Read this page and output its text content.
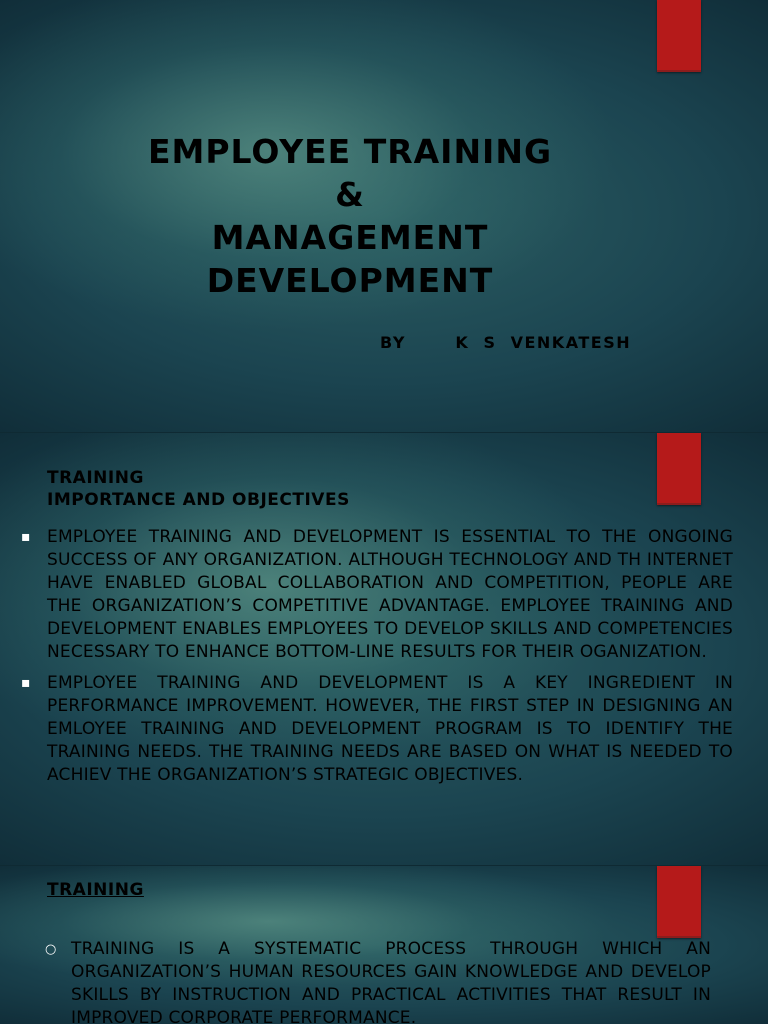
EMPLOYEE TRAINING
&
MANAGEMENT
DEVELOPMENT
BY       K  S  VENKATESH
TRAINING
IMPORTANCE AND OBJECTIVES
▪ EMPLOYEE TRAINING AND DEVELOPMENT IS ESSENTIAL TO THE ONGOING SUCCESS OF ANY ORGANIZATION. ALTHOUGH TECHNOLOGY AND TH INTERNET HAVE ENABLED GLOBAL COLLABORATION AND COMPETITION, PEOPLE ARE THE ORGANIZATION’S COMPETITIVE ADVANTAGE. EMPLOYEE TRAINING AND DEVELOPMENT ENABLES EMPLOYEES TO DEVELOP SKILLS AND COMPETENCIES NECESSARY TO ENHANCE BOTTOM-LINE RESULTS FOR THEIR OGANIZATION.
▪ EMPLOYEE TRAINING AND DEVELOPMENT IS A KEY INGREDIENT IN PERFORMANCE IMPROVEMENT. HOWEVER, THE FIRST STEP IN DESIGNING AN EMLOYEE TRAINING AND DEVELOPMENT PROGRAM IS TO IDENTIFY THE TRAINING NEEDS. THE TRAINING NEEDS ARE BASED ON WHAT IS NEEDED TO ACHIEV THE ORGANIZATION’S STRATEGIC OBJECTIVES.
TRAINING
○ TRAINING IS A SYSTEMATIC PROCESS THROUGH WHICH AN ORGANIZATION’S HUMAN RESOURCES GAIN KNOWLEDGE AND DEVELOP SKILLS BY INSTRUCTION AND PRACTICAL ACTIVITIES THAT RESULT IN IMPROVED CORPORATE PERFORMANCE.
